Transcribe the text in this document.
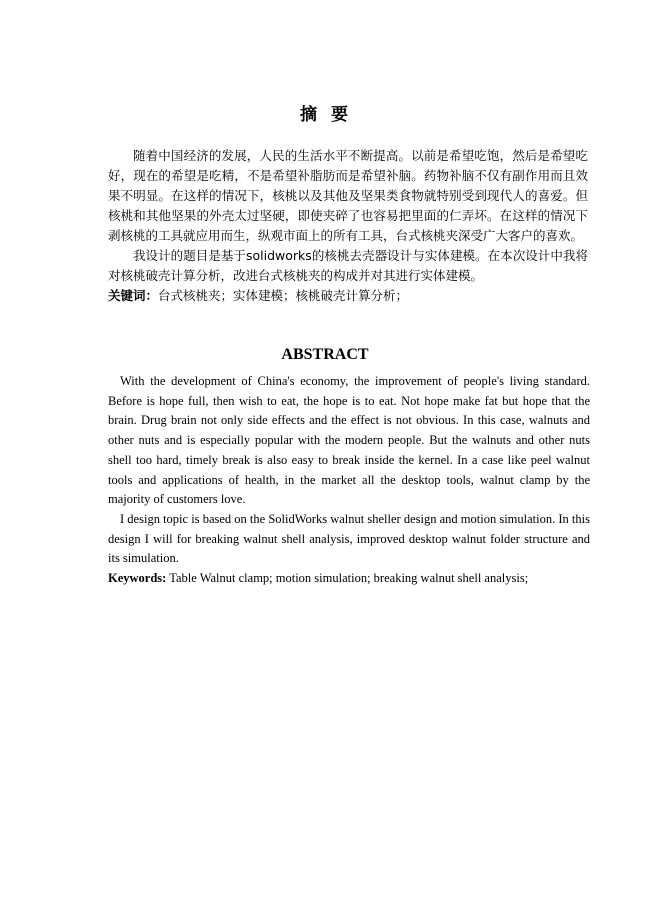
摘 要

随着中国经济的发展，人民的生活水平不断提高。以前是希望吃饱，然后是希望吃好，现在的希望是吃精，不是希望补脂肪而是希望补脑。药物补脑不仅有副作用而且效果不明显。在这样的情况下，核桃以及其他及坚果类食物就特别受到现代人的喜爱。但核桃和其他坚果的外壳太过坚硬，即使夹碎了也容易把里面的仁弄坏。在这样的情况下剥核桃的工具就应用而生，纵观市面上的所有工具，台式核桃夹深受广大客户的喜欢。

我设计的题目是基于solidworks的核桃去壳器设计与实体建模。在本次设计中我将对核桃破壳计算分析，改进台式核桃夹的构成并对其进行实体建模。

关键词：台式核桃夹；实体建模；核桃破壳计算分析；

ABSTRACT

With the development of China's economy, the improvement of people's living standard. Before is hope full, then wish to eat, the hope is to eat. Not hope make fat but hope that the brain. Drug brain not only side effects and the effect is not obvious. In this case, walnuts and other nuts and is especially popular with the modern people. But the walnuts and other nuts shell too hard, timely break is also easy to break inside the kernel. In a case like peel walnut tools and applications of health, in the market all the desktop tools, walnut clamp by the majority of customers love.

I design topic is based on the SolidWorks walnut sheller design and motion simulation. In this design I will for breaking walnut shell analysis, improved desktop walnut folder structure and its simulation.

Keywords: Table Walnut clamp; motion simulation; breaking walnut shell analysis;
